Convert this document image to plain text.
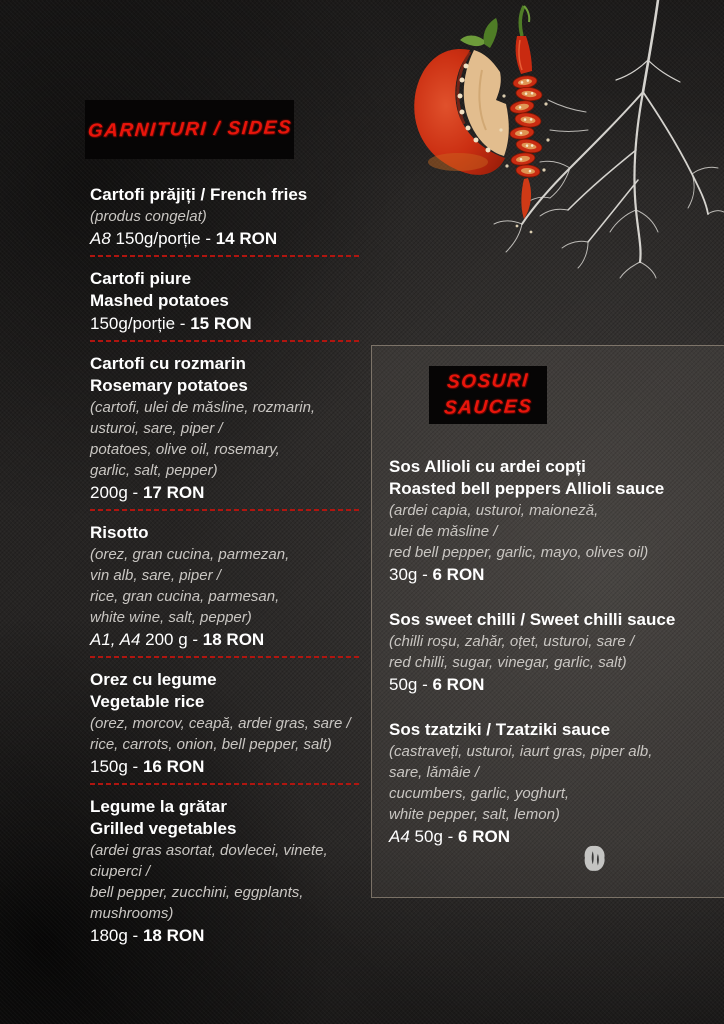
GARNITURI / SIDES
Cartofi prăjiți / French fries
(produs congelat)
A8 150g/porție - 14 RON
Cartofi piure
Mashed potatoes
150g/porție - 15 RON
Cartofi cu rozmarin
Rosemary potatoes
(cartofi, ulei de măsline, rozmarin,
usturoi, sare, piper /
potatoes, olive oil, rosemary,
garlic, salt, pepper)
200g - 17 RON
Risotto
(orez, gran cucina, parmezan,
vin alb, sare, piper /
rice, gran cucina, parmesan,
white wine, salt, pepper)
A1, A4 200 g - 18 RON
Orez cu legume
Vegetable rice
(orez, morcov, ceapă, ardei gras, sare /
rice, carrots, onion, bell pepper, salt)
150g - 16 RON
Legume la grătar
Grilled vegetables
(ardei gras asortat, dovlecei, vinete,
ciuperci /
bell pepper, zucchini, eggplants,
mushrooms)
180g - 18 RON
SOSURI
SAUCES
Sos Allioli cu ardei copți
Roasted bell peppers Allioli sauce
(ardei capia, usturoi, maioneză,
ulei de măsline /
red bell pepper, garlic, mayo, olives oil)
30g - 6 RON
Sos sweet chilli / Sweet chilli sauce
(chilli roșu, zahăr, oțet, usturoi, sare /
red chilli, sugar, vinegar, garlic, salt)
50g - 6 RON
Sos tzatziki / Tzatziki sauce
(castraveți, usturoi, iaurt gras, piper alb,
sare, lămâie /
cucumbers, garlic, yoghurt,
white pepper, salt, lemon)
A4 50g - 6 RON
